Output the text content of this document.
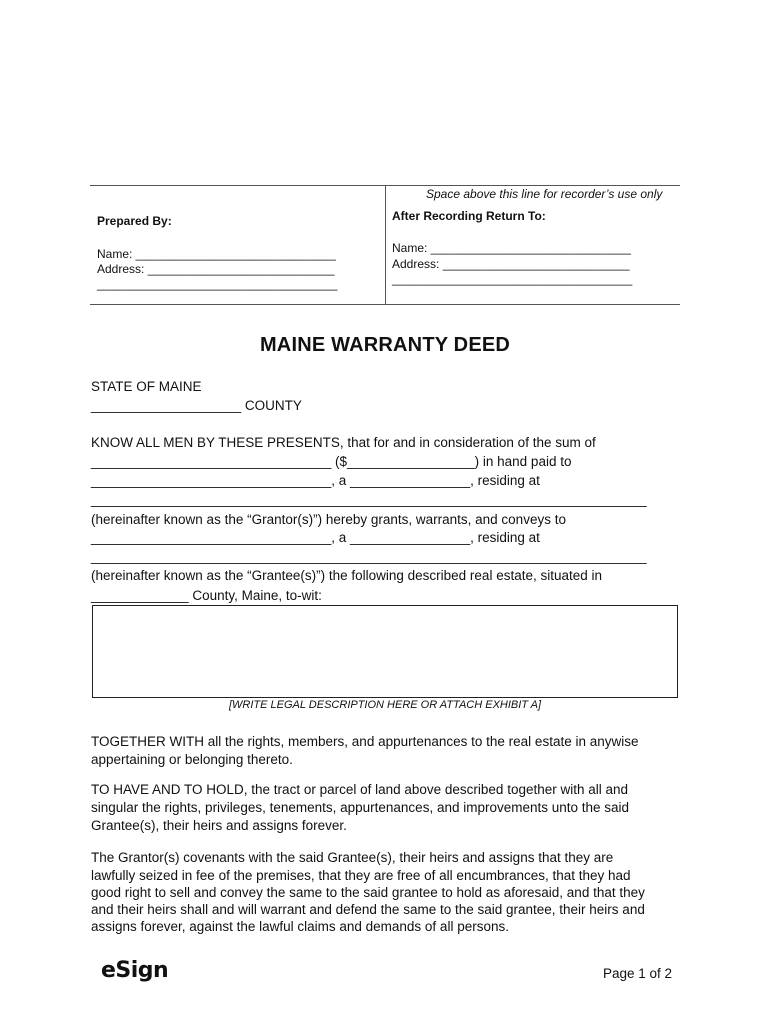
Space above this line for recorder’s use only
Prepared By:
Name: ______________________________
Address: ____________________________
____________________________________
After Recording Return To:
Name: ______________________________
Address: ____________________________
____________________________________
MAINE WARRANTY DEED
STATE OF MAINE
____________________ COUNTY
KNOW ALL MEN BY THESE PRESENTS, that for and in consideration of the sum of
________________________________ ($_________________) in hand paid to
________________________________, a ________________, residing at
__________________________________________________________________________
(hereinafter known as the “Grantor(s)”) hereby grants, warrants, and conveys to
________________________________, a ________________, residing at
__________________________________________________________________________
(hereinafter known as the “Grantee(s)”) the following described real estate, situated in
_____________ County, Maine, to-wit:
[WRITE LEGAL DESCRIPTION HERE OR ATTACH EXHIBIT A]
TOGETHER WITH all the rights, members, and appurtenances to the real estate in anywise
appertaining or belonging thereto.
TO HAVE AND TO HOLD, the tract or parcel of land above described together with all and
singular the rights, privileges, tenements, appurtenances, and improvements unto the said
Grantee(s), their heirs and assigns forever.
The Grantor(s) covenants with the said Grantee(s), their heirs and assigns that they are
lawfully seized in fee of the premises, that they are free of all encumbrances, that they had
good right to sell and convey the same to the said grantee to hold as aforesaid, and that they
and their heirs shall and will warrant and defend the same to the said grantee, their heirs and
assigns forever, against the lawful claims and demands of all persons.
eSign	Page 1 of 2
